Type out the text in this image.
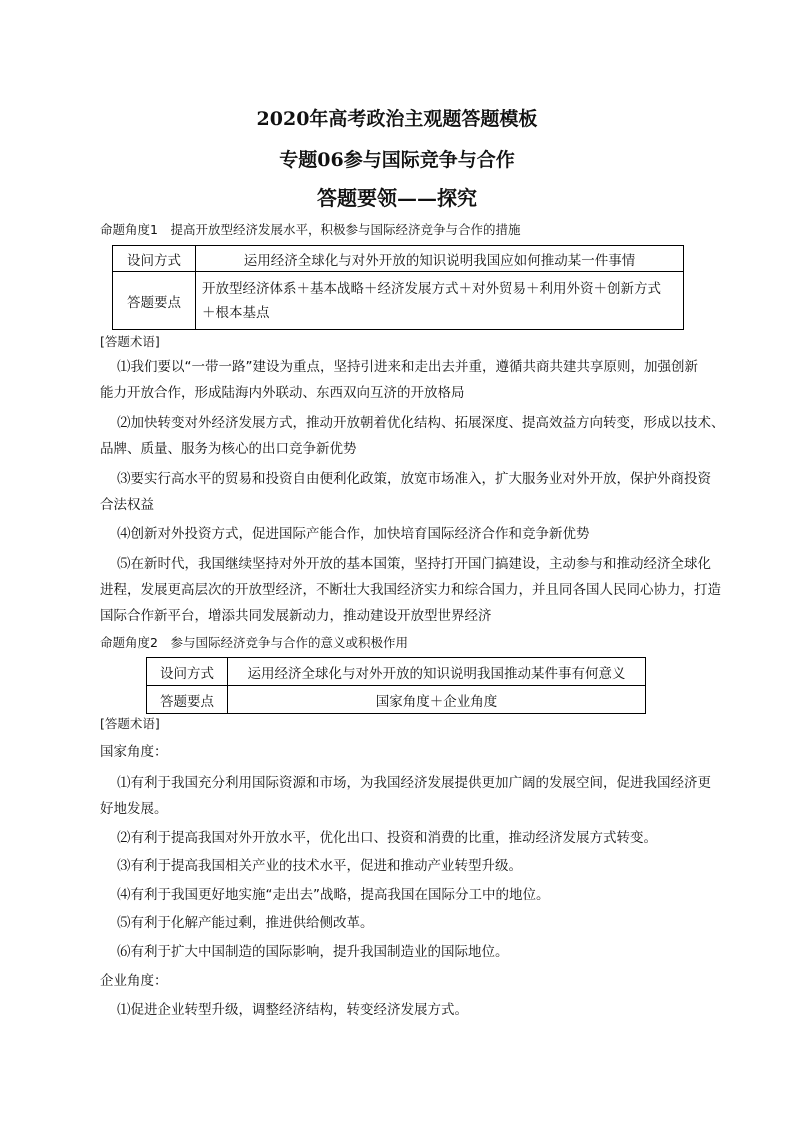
2020年高考政治主观题答题模板
专题06参与国际竞争与合作
答题要领——探究
命题角度1　提高开放型经济发展水平，积极参与国际经济竞争与合作的措施
设问方式	运用经济全球化与对外开放的知识说明我国应如何推动某一件事情
答题要点	开放型经济体系＋基本战略＋经济发展方式＋对外贸易＋利用外资＋创新方式
＋根本基点
[答题术语]
⑴我们要以“一带一路”建设为重点，坚持引进来和走出去并重，遵循共商共建共享原则，加强创新
能力开放合作，形成陆海内外联动、东西双向互济的开放格局
⑵加快转变对外经济发展方式，推动开放朝着优化结构、拓展深度、提高效益方向转变，形成以技术、
品牌、质量、服务为核心的出口竞争新优势
⑶要实行高水平的贸易和投资自由便利化政策，放宽市场准入，扩大服务业对外开放，保护外商投资
合法权益
⑷创新对外投资方式，促进国际产能合作，加快培育国际经济合作和竞争新优势
⑸在新时代，我国继续坚持对外开放的基本国策，坚持打开国门搞建设，主动参与和推动经济全球化
进程，发展更高层次的开放型经济，不断壮大我国经济实力和综合国力，并且同各国人民同心协力，打造
国际合作新平台，增添共同发展新动力，推动建设开放型世界经济
命题角度2　参与国际经济竞争与合作的意义或积极作用
设问方式	运用经济全球化与对外开放的知识说明我国推动某件事有何意义
答题要点	国家角度＋企业角度
[答题术语]
国家角度：
⑴有利于我国充分利用国际资源和市场，为我国经济发展提供更加广阔的发展空间，促进我国经济更
好地发展。
⑵有利于提高我国对外开放水平，优化出口、投资和消费的比重，推动经济发展方式转变。
⑶有利于提高我国相关产业的技术水平，促进和推动产业转型升级。
⑷有利于我国更好地实施“走出去”战略，提高我国在国际分工中的地位。
⑸有利于化解产能过剩，推进供给侧改革。
⑹有利于扩大中国制造的国际影响，提升我国制造业的国际地位。
企业角度：
⑴促进企业转型升级，调整经济结构，转变经济发展方式。
